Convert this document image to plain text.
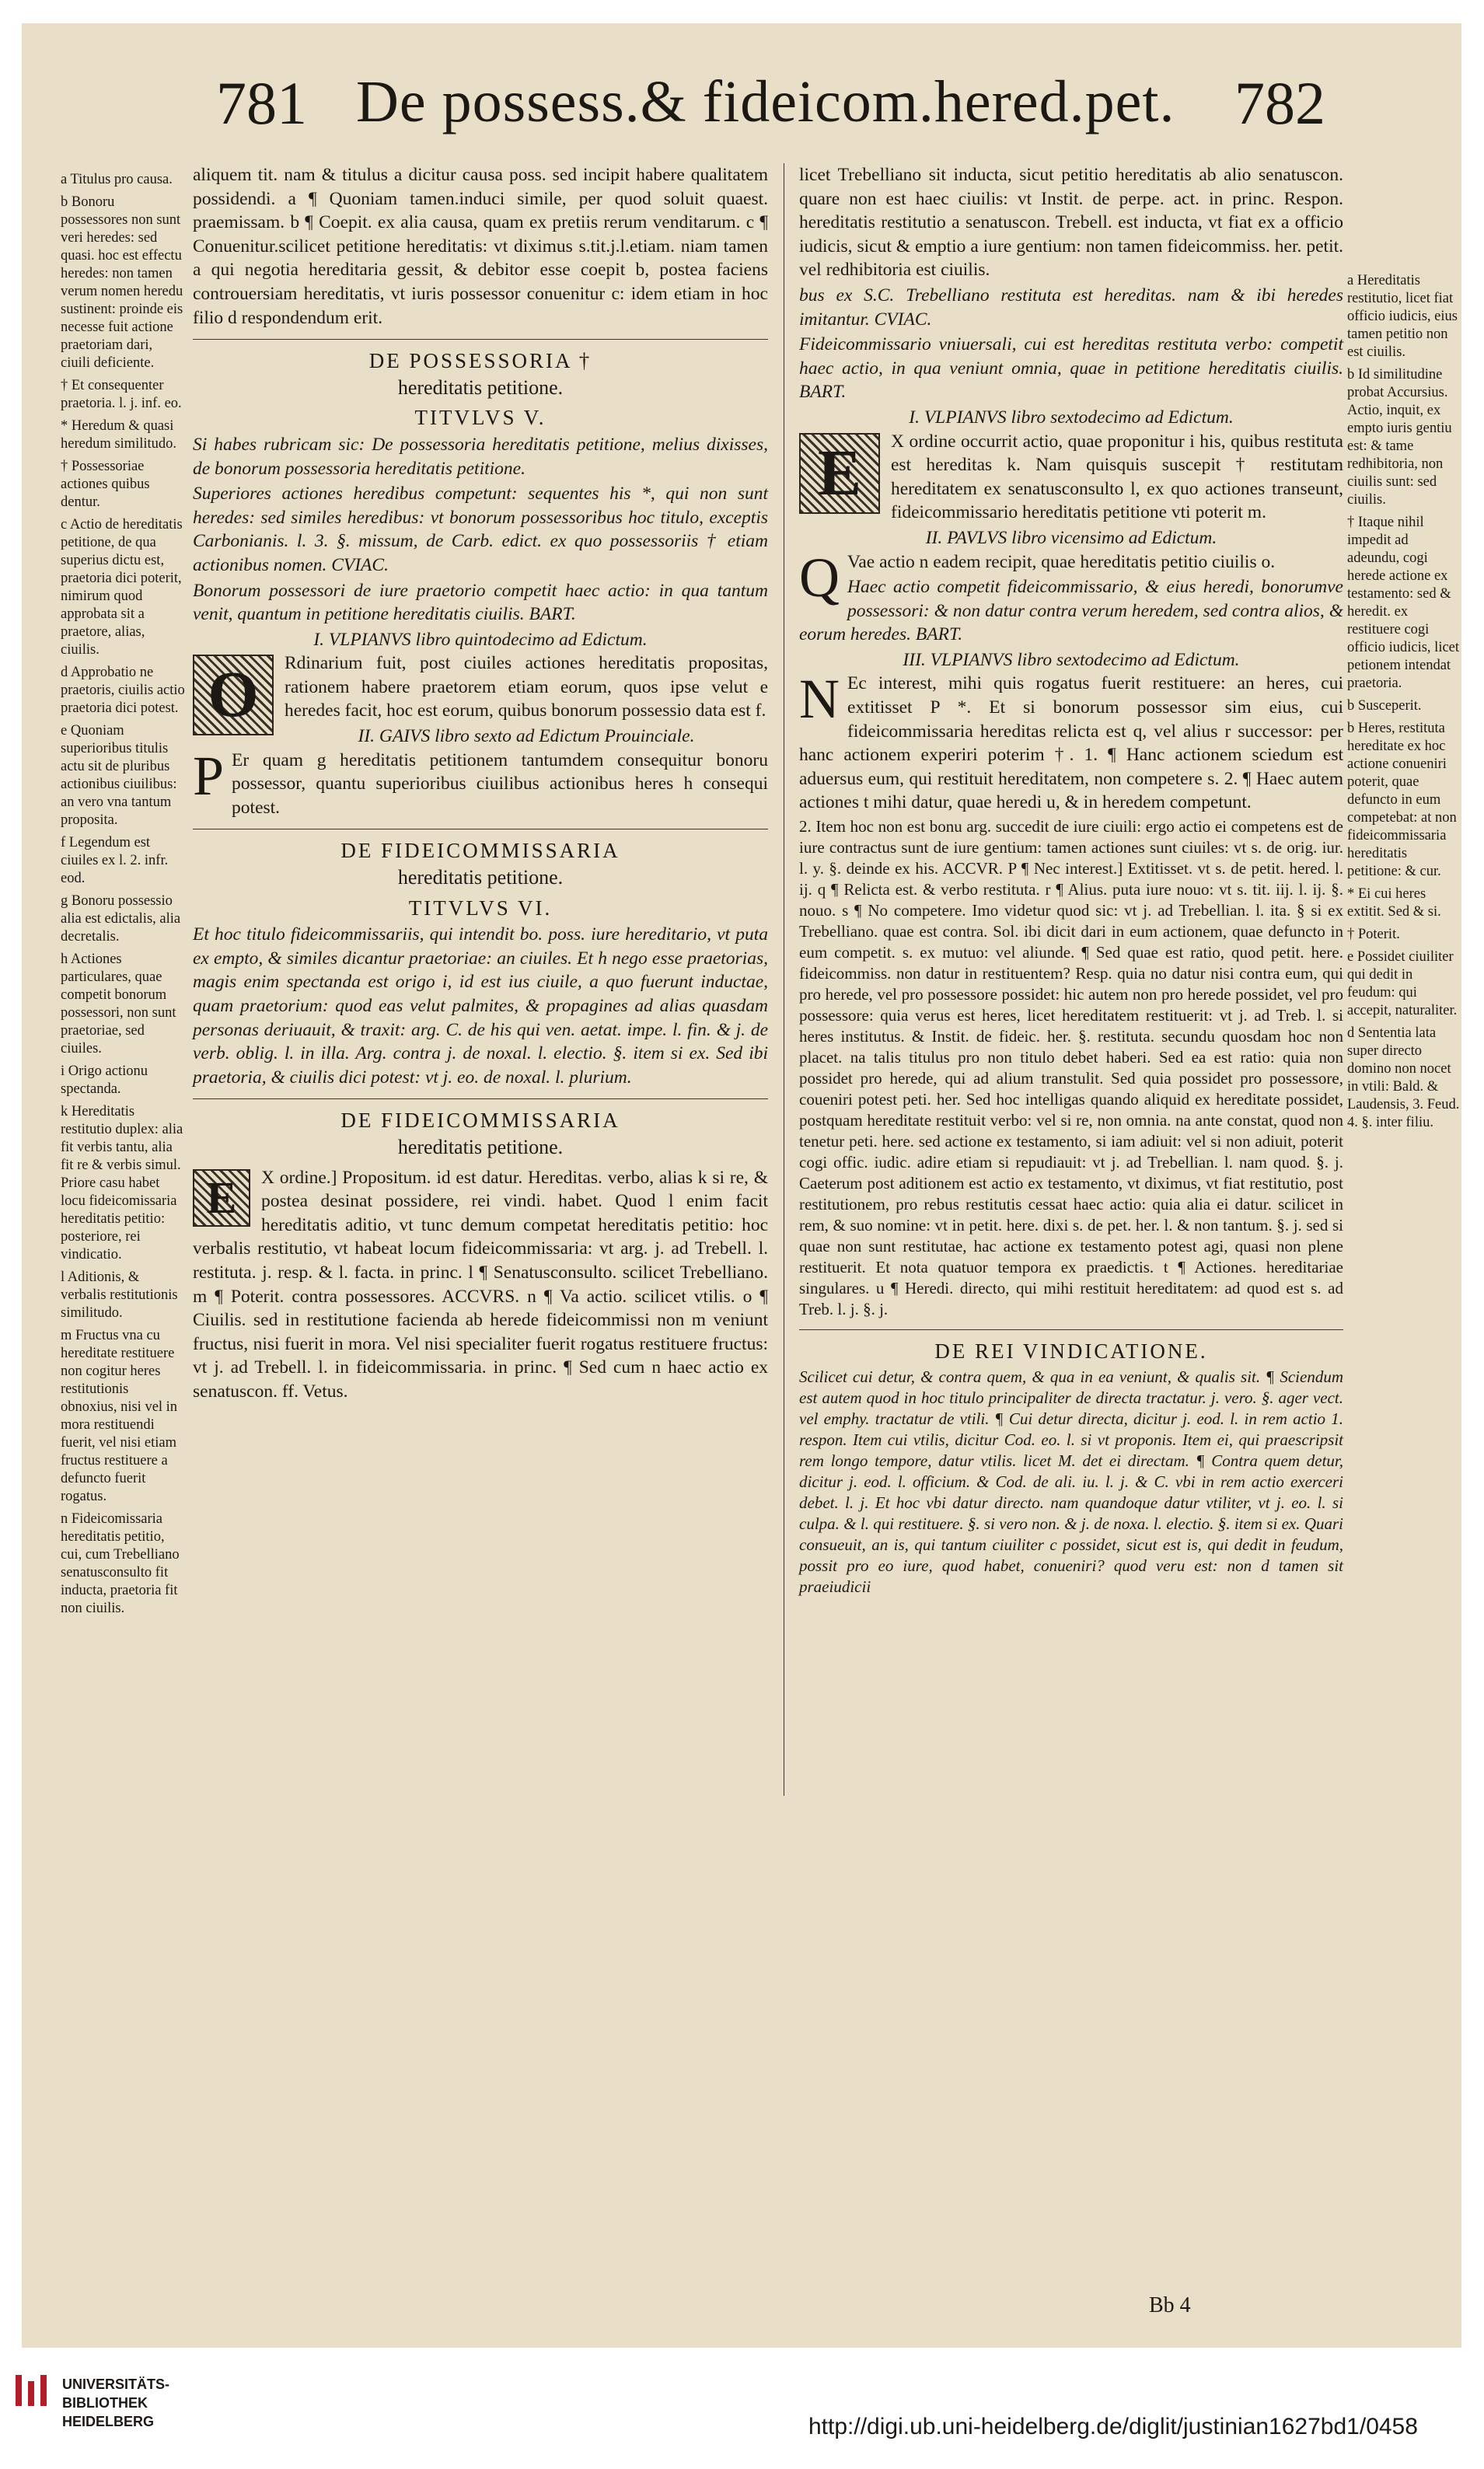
781 De possess.& fideicom.hered.pet. 782

a Titulus pro causa.

b Bonoru possessores non sunt veri heredes: sed quasi. hoc est effectu heredes: non tamen verum nomen heredu sustinent: proinde eis necesse fuit actione praetoriam dari, ciuili deficiente.

† Et consequenter praetoria. l. j. inf. eo.

* Heredum & quasi heredum similitudo.

† Possessoriae actiones quibus dentur.

c Actio de hereditatis petitione, de qua superius dictu est, praetoria dici poterit, nimirum quod approbata sit a praetore, alias, ciuilis.

d Approbatio ne praetoris, ciuilis actio praetoria dici potest.

e Quoniam superioribus titulis actu sit de pluribus actionibus ciuilibus: an vero vna tantum proposita.

f Legendum est ciuiles ex l. 2. infr. eod.

g Bonoru possessio alia est edictalis, alia decretalis.

h Actiones particulares, quae competit bonorum possessori, non sunt praetoriae, sed ciuiles.

i Origo actionu spectanda.

k Hereditatis restitutio duplex: alia fit verbis tantu, alia fit re & verbis simul. Priore casu habet locu fideicomissaria hereditatis petitio: posteriore, rei vindicatio.

l Aditionis, & verbalis restitutionis similitudo.

m Fructus vna cu hereditate restituere non cogitur heres restitutionis obnoxius, nisi vel in mora restituendi fuerit, vel nisi etiam fructus restituere a defuncto fuerit rogatus.

n Fideicomissaria hereditatis petitio, cui, cum Trebelliano senatusconsulto fit inducta, praetoria fit non ciuilis.

aliquem tit. nam & titulus a dicitur causa poss. sed incipit habere qualitatem possidendi. a ¶ Quoniam tamen.induci simile, per quod soluit quaest. praemissam. b ¶ Coepit. ex alia causa, quam ex pretiis rerum venditarum. c ¶ Conuenitur.scilicet petitione hereditatis: vt diximus s.tit.j.l.etiam. niam tamen a qui negotia hereditaria gessit, & debitor esse coepit b, postea faciens controuersiam hereditatis, vt iuris possessor conuenitur c: idem etiam in hoc filio d respondendum erit.

DE POSSESSORIA †
hereditatis petitione.
TITVLVS V.

Si habes rubricam sic: De possessoria hereditatis petitione, melius dixisses, de bonorum possessoria hereditatis petitione.

Superiores actiones heredibus competunt: sequentes his *, qui non sunt heredes: sed similes heredibus: vt bonorum possessoribus hoc titulo, exceptis Carbonianis. l. 3. §. missum, de Carb. edict. ex quo possessoriis † etiam actionibus nomen. CVIAC.

Bonorum possessori de iure praetorio competit haec actio: in qua tantum venit, quantum in petitione hereditatis ciuilis. BART.

I. VLPIANVS libro quintodecimo ad Edictum.

O	Rdinarium fuit, post ciuiles actiones hereditatis propositas, rationem habere praetorem etiam eorum, quos ipse velut e heredes facit, hoc est eorum, quibus bonorum possessio data est f.

II. GAIVS libro sexto ad Edictum Prouinciale.

P Er quam g hereditatis petitionem tantumdem consequitur bonoru possessor, quantu superioribus ciuilibus actionibus heres h consequi potest.

DE FIDEICOMMISSARIA
hereditatis petitione.
TITVLVS VI.

Et hoc titulo fideicommissariis, qui intendit bo. poss. iure hereditario, vt puta ex empto, & similes dicantur praetoriae: an ciuiles. Et h nego esse praetorias, magis enim spectanda est origo i, id est ius ciuile, a quo fuerunt inductae, quam praetorium: quod eas velut palmites, & propagines ad alias quasdam personas deriuauit, & traxit: arg. C. de his qui ven. aetat. impe. l. fin. & j. de verb. oblig. l. in illa. Arg. contra j. de noxal. l. electio. §. item si ex. Sed ibi praetoria, & ciuilis dici potest: vt j. eo. de noxal. l. plurium.

DE FIDEICOMMISSARIA
hereditatis petitione.

E	X ordine.] Propositum. id est datur. Hereditas. verbo, alias k si re, & postea desinat possidere, rei vindi. habet. Quod l enim facit hereditatis aditio, vt tunc demum competat hereditatis petitio: hoc verbalis restitutio, vt habeat locum fideicommissaria: vt arg. j. ad Trebell. l. restituta. j. resp. & l. facta. in princ. l ¶ Senatusconsulto. scilicet Trebelliano. m ¶ Poterit. contra possessores. ACCVRS. n ¶ Va actio. scilicet vtilis. o ¶ Ciuilis. sed in restitutione facienda ab herede fideicommissi non m veniunt fructus, nisi fuerit in mora. Vel nisi specialiter fuerit rogatus restituere fructus: vt j. ad Trebell. l. in fideicommissaria. in princ. ¶ Sed cum n haec actio ex senatuscon. ff. Vetus.

licet Trebelliano sit inducta, sicut petitio hereditatis ab alio senatuscon. quare non est haec ciuilis: vt Instit. de perpe. act. in princ. Respon. hereditatis restitutio a senatuscon. Trebell. est inducta, vt fiat ex a officio iudicis, sicut & emptio a iure gentium: non tamen fideicommiss. her. petit. vel redhibitoria est ciuilis.

bus ex S.C. Trebelliano restituta est hereditas. nam & ibi heredes imitantur. CVIAC.

Fideicommissario vniuersali, cui est hereditas restituta verbo: competit haec actio, in qua veniunt omnia, quae in petitione hereditatis ciuilis. BART.

I. VLPIANVS libro sextodecimo ad Edictum.

E	X ordine occurrit actio, quae proponitur i his, quibus restituta est hereditas k. Nam quisquis suscepit † restitutam hereditatem ex senatusconsulto l, ex quo actiones transeunt, fideicommissario hereditatis petitione vti poterit m.

II. PAVLVS libro vicensimo ad Edictum.

Q Vae actio n eadem recipit, quae hereditatis petitio ciuilis o.

Haec actio competit fideicommissario, & eius heredi, bonorumve possessori: & non datur contra verum heredem, sed contra alios, & eorum heredes. BART.

III. VLPIANVS libro sextodecimo ad Edictum.

N Ec interest, mihi quis rogatus fuerit restituere: an heres, cui extitisset P *. Et si bonorum possessor sim eius, cui fideicommissaria hereditas relicta est q, vel alius r successor: per hanc actionem experiri poterim †. 1. ¶ Hanc actionem sciedum est aduersus eum, qui restituit hereditatem, non competere s. 2. ¶ Haec autem actiones t mihi datur, quae heredi u, & in heredem competunt.

2. Item hoc non est bonu arg. succedit de iure ciuili: ergo actio ei competens est de iure contractus sunt de iure gentium: tamen actiones sunt ciuiles: vt s. de orig. iur. l. y. §. deinde ex his. ACCVR. P ¶ Nec interest.] Extitisset. vt s. de petit. hered. l. ij. q ¶ Relicta est. & verbo restituta. r ¶ Alius. puta iure nouo: vt s. tit. iij. l. ij. §. nouo. s ¶ No competere. Imo videtur quod sic: vt j. ad Trebellian. l. ita. § si ex Trebelliano. quae est contra. Sol. ibi dicit dari in eum actionem, quae defuncto in eum competit. s. ex mutuo: vel aliunde. ¶ Sed quae est ratio, quod petit. here. fideicommiss. non datur in restituentem? Resp. quia no datur nisi contra eum, qui pro herede, vel pro possessore possidet: hic autem non pro herede possidet, vel pro possessore: quia verus est heres, licet hereditatem restituerit: vt j. ad Treb. l. si heres institutus. & Instit. de fideic. her. §. restituta. secundu quosdam hoc non placet. na talis titulus pro non titulo debet haberi. Sed ea est ratio: quia non possidet pro herede, qui ad alium transtulit. Sed quia possidet pro possessore, coueniri potest peti. her. Sed hoc intelligas quando aliquid ex hereditate possidet, postquam hereditate restituit verbo: vel si re, non omnia. na ante constat, quod non tenetur peti. here. sed actione ex testamento, si iam adiuit: vel si non adiuit, poterit cogi offic. iudic. adire etiam si repudiauit: vt j. ad Trebellian. l. nam quod. §. j. Caeterum post aditionem est actio ex testamento, vt diximus, vt fiat restitutio, post restitutionem, pro rebus restitutis cessat haec actio: quia alia ei datur. scilicet in rem, & suo nomine: vt in petit. here. dixi s. de pet. her. l. & non tantum. §. j. sed si quae non sunt restitutae, hac actione ex testamento potest agi, quasi non plene restituerit. Et nota quatuor tempora ex praedictis. t ¶ Actiones. hereditariae singulares. u ¶ Heredi. directo, qui mihi restituit hereditatem: ad quod est s. ad Treb. l. j. §. j.

DE REI VINDICATIONE.

Scilicet cui detur, & contra quem, & qua in ea veniunt, & qualis sit. ¶ Sciendum est autem quod in hoc titulo principaliter de directa tractatur. j. vero. §. ager vect. vel emphy. tractatur de vtili. ¶ Cui detur directa, dicitur j. eod. l. in rem actio 1. respon. Item cui vtilis, dicitur Cod. eo. l. si vt proponis. Item ei, qui praescripsit rem longo tempore, datur vtilis. licet M. det ei directam. ¶ Contra quem detur, dicitur j. eod. l. officium. & Cod. de ali. iu. l. j. & C. vbi in rem actio exerceri debet. l. j. Et hoc vbi datur directo. nam quandoque datur vtiliter, vt j. eo. l. si culpa. & l. qui restituere. §. si vero non. & j. de noxa. l. electio. §. item si ex. Quari consueuit, an is, qui tantum ciuiliter c possidet, sicut est is, qui dedit in feudum, possit pro eo iure, quod habet, conueniri? quod veru est: non d tamen sit praeiudicii

a Hereditatis restitutio, licet fiat officio iudicis, eius tamen petitio non est ciuilis.

b Id similitudine probat Accursius. Actio, inquit, ex empto iuris gentiu est: & tame redhibitoria, non ciuilis sunt: sed ciuilis.

† Itaque nihil impedit ad adeundu, cogi herede actione ex testamento: sed & heredit. ex restituere cogi officio iudicis, licet petionem intendat praetoria.

b Susceperit.

b Heres, restituta hereditate ex hoc actione conueniri poterit, quae defuncto in eum competebat: at non fideicommissaria hereditatis petitione: & cur.

* Ei cui heres extitit. Sed & si.

† Poterit.

e Possidet ciuiliter qui dedit in feudum: qui accepit, naturaliter.

d Sententia lata super directo domino non nocet in vtili: Bald. & Laudensis, 3. Feud. 4. §. inter filiu.

Bb 4
UNIVERSITÄTS-
BIBLIOTHEK
HEIDELBERG	http://digi.ub.uni-heidelberg.de/diglit/justinian1627bd1/0458
